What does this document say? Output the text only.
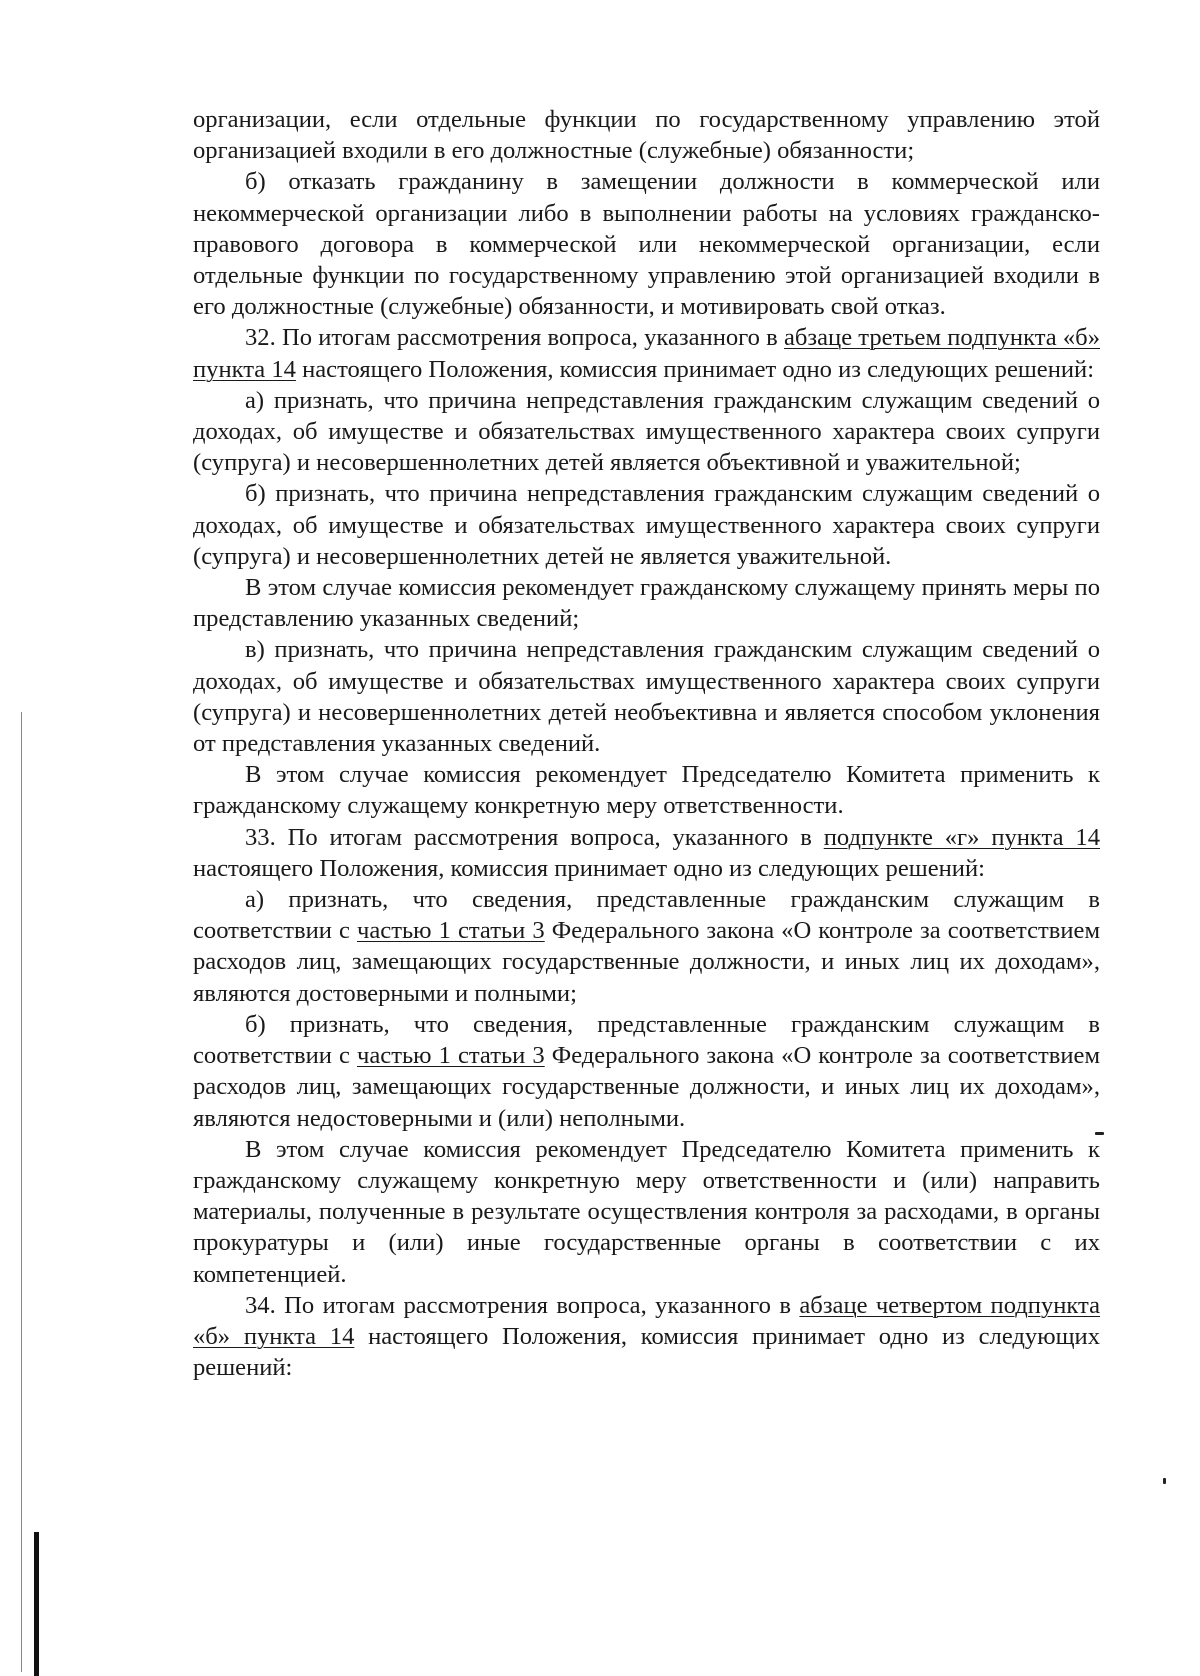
организации, если отдельные функции по государственному управлению этой организацией входили в его должностные (служебные) обязанности;

б) отказать гражданину в замещении должности в коммерческой или некоммерческой организации либо в выполнении работы на условиях гражданско-правового договора в коммерческой или некоммерческой организации, если отдельные функции по государственному управлению этой организацией входили в его должностные (служебные) обязанности, и мотивировать свой отказ.

32. По итогам рассмотрения вопроса, указанного в абзаце третьем подпункта «б» пункта 14 настоящего Положения, комиссия принимает одно из следующих решений:

а) признать, что причина непредставления гражданским служащим сведений о доходах, об имуществе и обязательствах имущественного характера своих супруги (супруга) и несовершеннолетних детей является объективной и уважительной;

б) признать, что причина непредставления гражданским служащим сведений о доходах, об имуществе и обязательствах имущественного характера своих супруги (супруга) и несовершеннолетних детей не является уважительной.

В этом случае комиссия рекомендует гражданскому служащему принять меры по представлению указанных сведений;

в) признать, что причина непредставления гражданским служащим сведений о доходах, об имуществе и обязательствах имущественного характера своих супруги (супруга) и несовершеннолетних детей необъективна и является способом уклонения от представления указанных сведений.

В этом случае комиссия рекомендует Председателю Комитета применить к гражданскому служащему конкретную меру ответственности.

33. По итогам рассмотрения вопроса, указанного в подпункте «г» пункта 14 настоящего Положения, комиссия принимает одно из следующих решений:

а) признать, что сведения, представленные гражданским служащим в соответствии с частью 1 статьи 3 Федерального закона «О контроле за соответствием расходов лиц, замещающих государственные должности, и иных лиц их доходам», являются достоверными и полными;

б) признать, что сведения, представленные гражданским служащим в соответствии с частью 1 статьи 3 Федерального закона «О контроле за соответствием расходов лиц, замещающих государственные должности, и иных лиц их доходам», являются недостоверными и (или) неполными.

В этом случае комиссия рекомендует Председателю Комитета применить к гражданскому служащему конкретную меру ответственности и (или) направить материалы, полученные в результате осуществления контроля за расходами, в органы прокуратуры и (или) иные государственные органы в соответствии с их компетенцией.

34. По итогам рассмотрения вопроса, указанного в абзаце четвертом подпункта «б» пункта 14 настоящего Положения, комиссия принимает одно из следующих решений:
